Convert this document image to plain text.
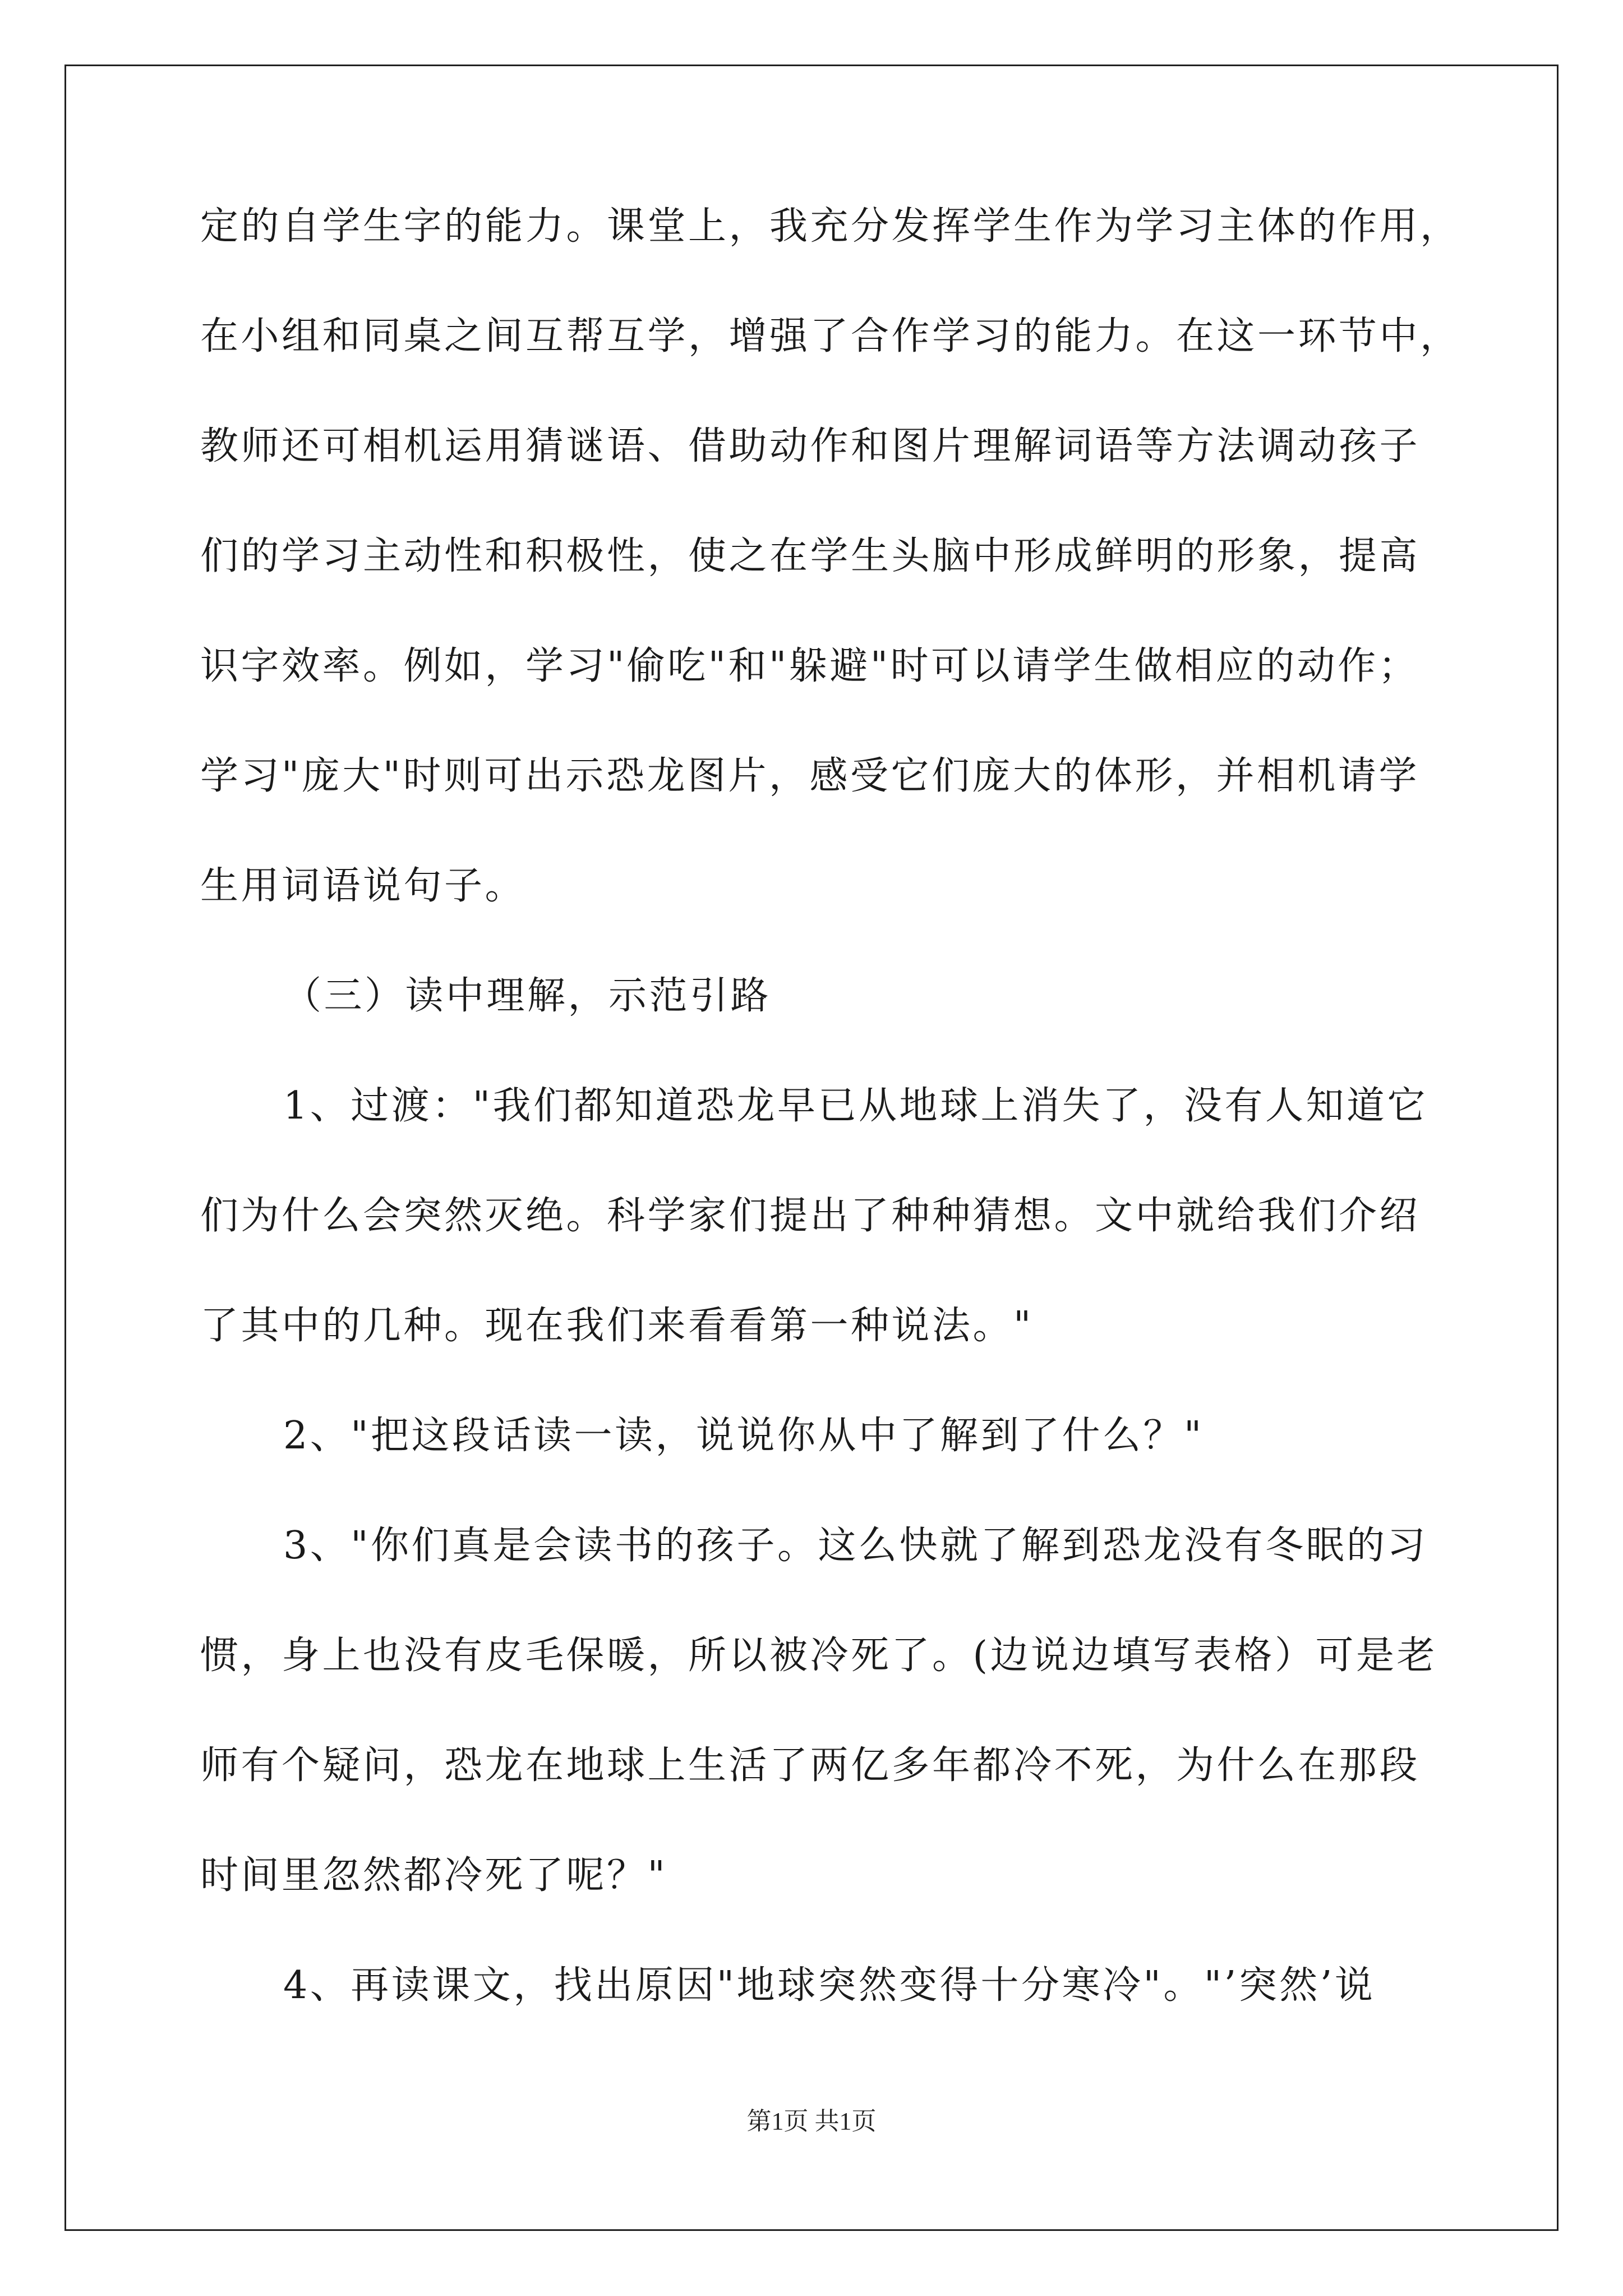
定的自学生字的能力。课堂上，我充分发挥学生作为学习主体的作用，
在小组和同桌之间互帮互学，增强了合作学习的能力。在这一环节中，
教师还可相机运用猜谜语、借助动作和图片理解词语等方法调动孩子
们的学习主动性和积极性，使之在学生头脑中形成鲜明的形象，提高
识字效率。例如，学习"偷吃"和"躲避"时可以请学生做相应的动作；
学习"庞大"时则可出示恐龙图片，感受它们庞大的体形，并相机请学
生用词语说句子。
（三）读中理解，示范引路
1、过渡："我们都知道恐龙早已从地球上消失了，没有人知道它
们为什么会突然灭绝。科学家们提出了种种猜想。文中就给我们介绍
了其中的几种。现在我们来看看第一种说法。"
2、"把这段话读一读，说说你从中了解到了什么？"
3、"你们真是会读书的孩子。这么快就了解到恐龙没有冬眠的习
惯，身上也没有皮毛保暖，所以被冷死了。(边说边填写表格）可是老
师有个疑问，恐龙在地球上生活了两亿多年都冷不死，为什么在那段
时间里忽然都冷死了呢？"
4、再读课文，找出原因"地球突然变得十分寒冷"。"’突然’说
第1页 共1页
